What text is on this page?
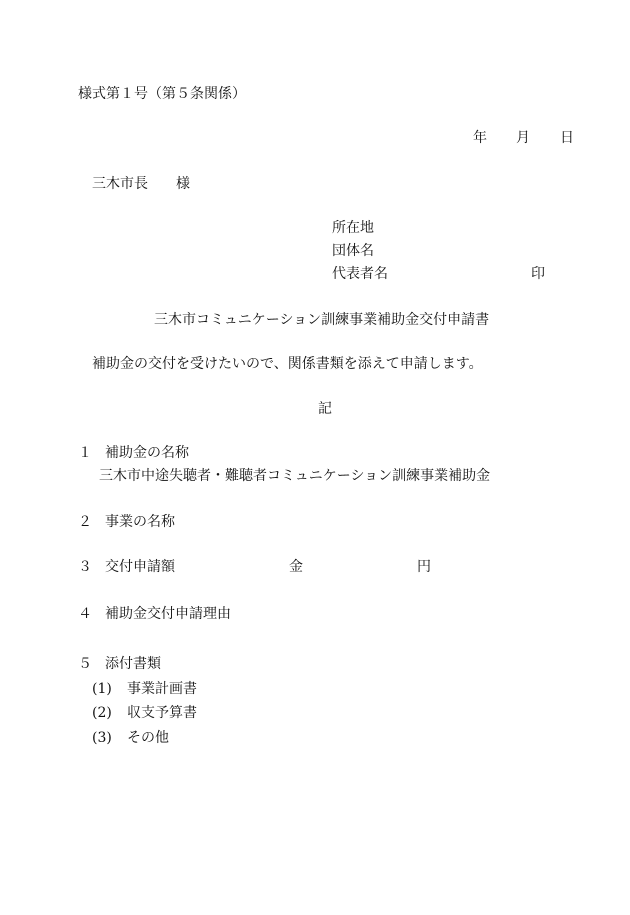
様式第１号（第５条関係）

年 月 日

三木市長　　様

所在地

団体名

代表者名	印

三木市コミュニケーション訓練事業補助金交付申請書

補助金の交付を受けたいので、関係書類を添えて申請します。

記

１ 補助金の名称

三木市中途失聴者・難聴者コミュニケーション訓練事業補助金

２ 事業の名称

３ 交付申請額	金	円

４ 補助金交付申請理由

５ 添付書類

(1) 事業計画書

(2) 収支予算書

(3) その他
